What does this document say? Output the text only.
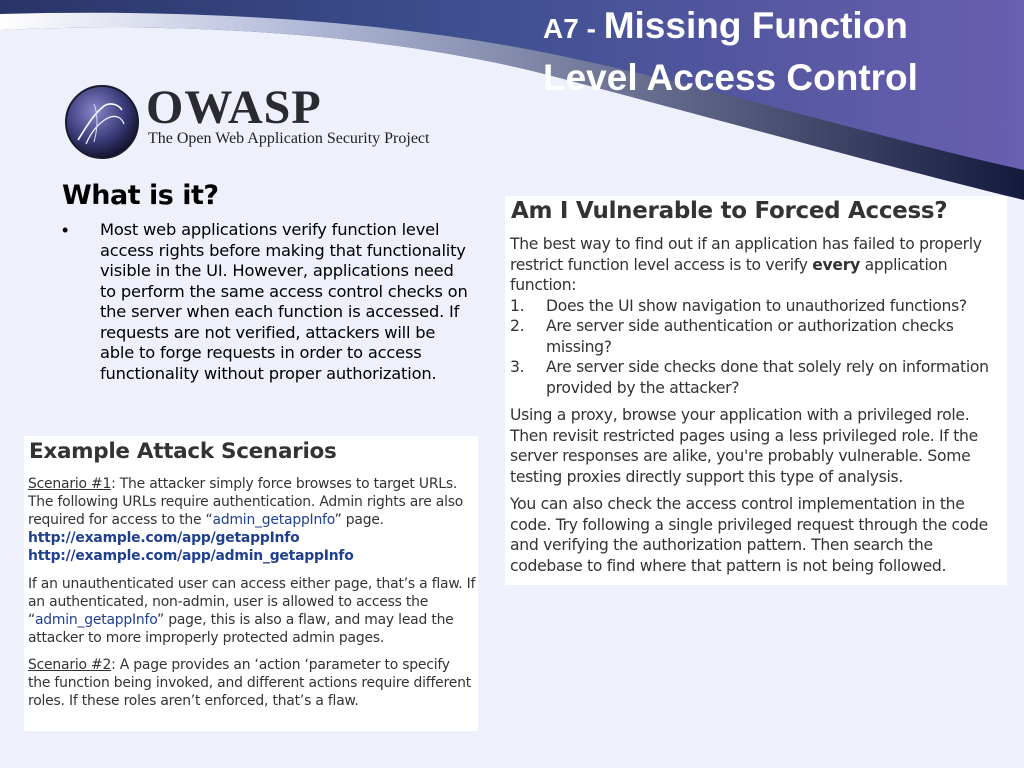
A7 - Missing Function
Level Access Control
OWASP
The Open Web Application Security Project
What is it?
• Most web applications verify function level access rights before making that functionality visible in the UI. However, applications need to perform the same access control checks on the server when each function is accessed. If requests are not verified, attackers will be able to forge requests in order to access functionality without proper authorization.
Am I Vulnerable to Forced Access?

The best way to find out if an application has failed to properly restrict function level access is to verify every application function:

1. Does the UI show navigation to unauthorized functions?
2. Are server side authentication or authorization checks missing?
3. Are server side checks done that solely rely on information provided by the attacker?

Using a proxy, browse your application with a privileged role. Then revisit restricted pages using a less privileged role. If the server responses are alike, you're probably vulnerable. Some testing proxies directly support this type of analysis.

You can also check the access control implementation in the code. Try following a single privileged request through the code and verifying the authorization pattern. Then search the codebase to find where that pattern is not being followed.

Example Attack Scenarios

Scenario #1: The attacker simply force browses to target URLs. The following URLs require authentication. Admin rights are also required for access to the “admin_getappInfo” page.

http://example.com/app/getappInfo

http://example.com/app/admin_getappInfo

If an unauthenticated user can access either page, that’s a flaw. If an authenticated, non-admin, user is allowed to access the “admin_getappInfo” page, this is also a flaw, and may lead the attacker to more improperly protected admin pages.

Scenario #2: A page provides an ‘action ‘parameter to specify the function being invoked, and different actions require different roles. If these roles aren’t enforced, that’s a flaw.
